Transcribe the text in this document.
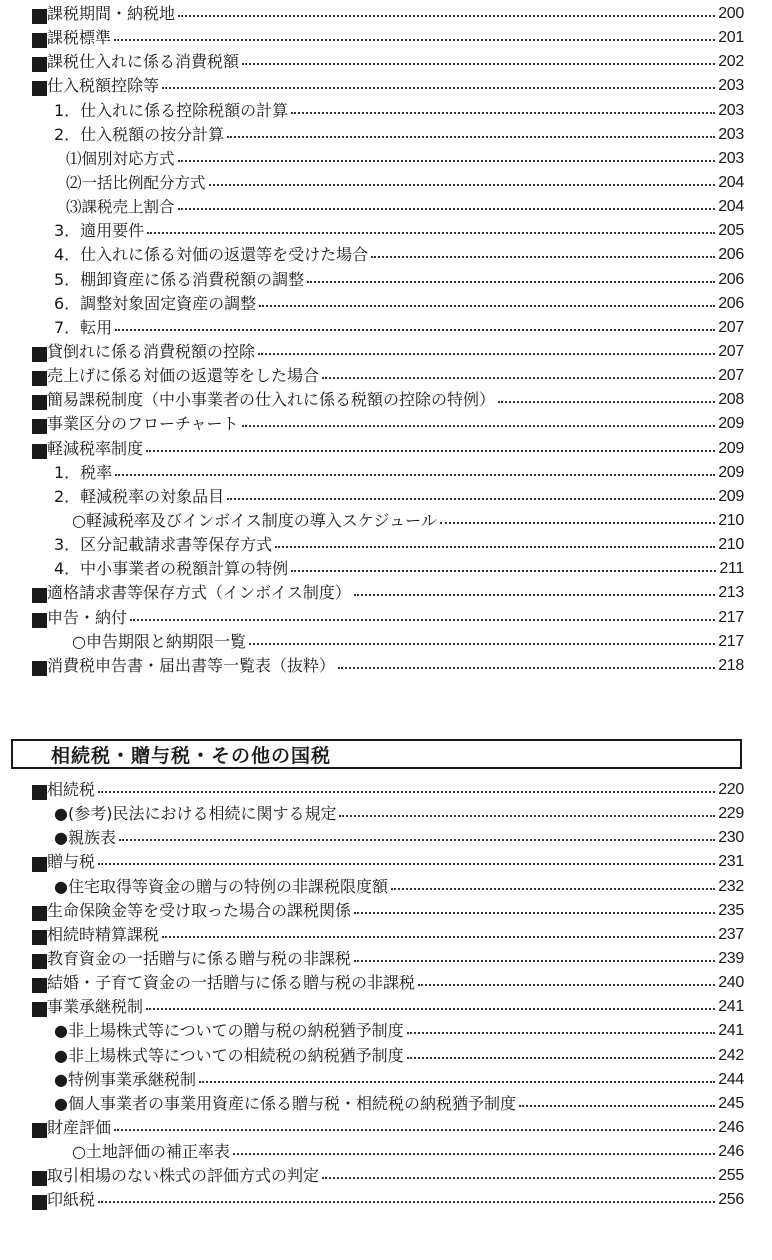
課税期間・納税地	200
課税標準	201
課税仕入れに係る消費税額	202
仕入税額控除等	203
1．仕入れに係る控除税額の計算	203
2．仕入税額の按分計算	203
⑴個別対応方式	203
⑵一括比例配分方式	204
⑶課税売上割合	204
3．適用要件	205
4．仕入れに係る対価の返還等を受けた場合	206
5．棚卸資産に係る消費税額の調整	206
6．調整対象固定資産の調整	206
7．転用	207
貸倒れに係る消費税額の控除	207
売上げに係る対価の返還等をした場合	207
簡易課税制度（中小事業者の仕入れに係る税額の控除の特例）	208
事業区分のフローチャート	209
軽減税率制度	209
1．税率	209
2．軽減税率の対象品目	209
○軽減税率及びインボイス制度の導入スケジュール	210
3．区分記載請求書等保存方式	210
4．中小事業者の税額計算の特例	211
適格請求書等保存方式（インボイス制度）	213
申告・納付	217
○申告期限と納期限一覧	217
消費税申告書・届出書等一覧表（抜粋）	218
相続税・贈与税・その他の国税
相続税	220
●(参考)民法における相続に関する規定	229
●親族表	230
贈与税	231
●住宅取得等資金の贈与の特例の非課税限度額	232
生命保険金等を受け取った場合の課税関係	235
相続時精算課税	237
教育資金の一括贈与に係る贈与税の非課税	239
結婚・子育て資金の一括贈与に係る贈与税の非課税	240
事業承継税制	241
●非上場株式等についての贈与税の納税猶予制度	241
●非上場株式等についての相続税の納税猶予制度	242
●特例事業承継税制	244
●個人事業者の事業用資産に係る贈与税・相続税の納税猶予制度	245
財産評価	246
○土地評価の補正率表	246
取引相場のない株式の評価方式の判定	255
印紙税	256
